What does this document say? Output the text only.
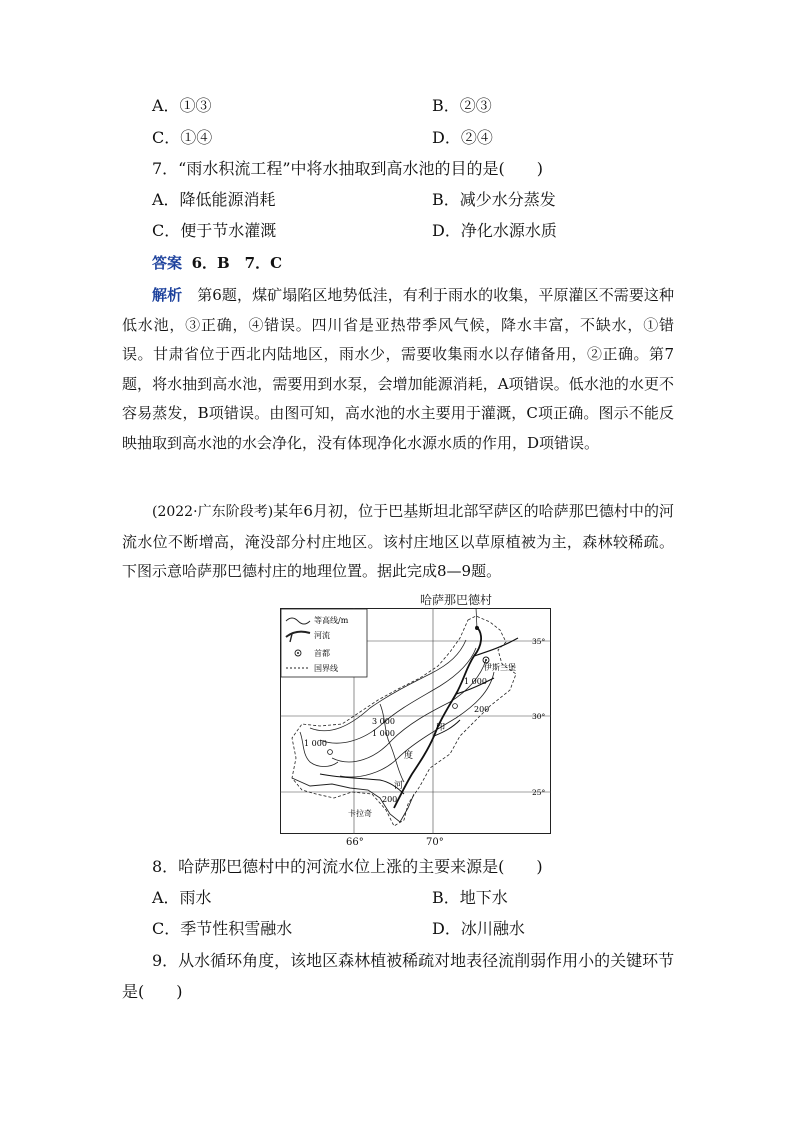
A．①③	B．②③
C．①④	D．②④
7．“雨水积流工程”中将水抽取到高水池的目的是(　　)
A．降低能源消耗	B．减少水分蒸发
C．便于节水灌溉	D．净化水源水质
答案 6．B　7．C
解析　 第6题，煤矿塌陷区地势低洼，有利于雨水的收集，平原灌区不需要这种低水池，③正确，④错误。四川省是亚热带季风气候，降水丰富，不缺水，①错误。甘肃省位于西北内陆地区，雨水少，需要收集雨水以存储备用，②正确。第7题，将水抽到高水池，需要用到水泵，会增加能源消耗，A项错误。低水池的水更不容易蒸发，B项错误。由图可知，高水池的水主要用于灌溉，C项正确。图示不能反映抽取到高水池的水会净化，没有体现净化水源水质的作用，D项错误。
(2022·广东阶段考)某年6月初，位于巴基斯坦北部罕萨区的哈萨那巴德村中的河流水位不断增高，淹没部分村庄地区。该村庄地区以草原植被为主，森林较稀疏。下图示意哈萨那巴德村庄的地理位置。据此完成8—9题。
等高线/m
河流
首都
国界线	伊斯兰堡
卡拉奇
印
度
河
3 000
1 000
1 000
1 000
200
200
35°
30°
25°
哈萨那巴德村
66°	70°
8．哈萨那巴德村中的河流水位上涨的主要来源是(　　)
A．雨水	B．地下水
C．季节性积雪融水	D．冰川融水
9．从水循环角度，该地区森林植被稀疏对地表径流削弱作用小的关键环节
是(　　)
